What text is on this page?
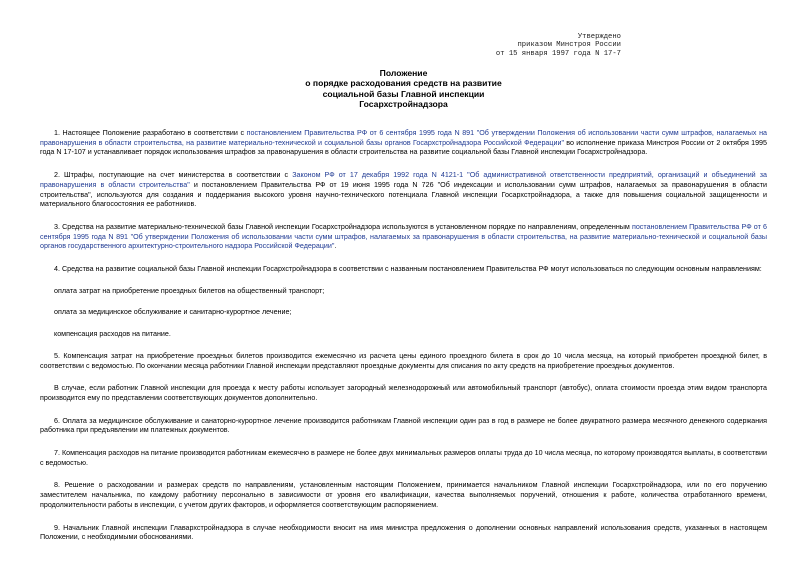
Утверждено
приказом Минстроя России
от 15 января 1997 года N 17-7
Положение
о порядке расходования средств на развитие
социальной базы Главной инспекции
Госархстройнадзора

1. Настоящее Положение разработано в соответствии с постановлением Правительства РФ от 6 сентября 1995 года N 891 "Об утверждении Положения об использовании части сумм штрафов, налагаемых на правонарушения в области строительства, на развитие материально-технической и социальной базы органов Госархстройнадзора Российской Федерации" во исполнение приказа Минстроя России от 2 октября 1995 года N 17-107 и устанавливает порядок использования штрафов за правонарушения в области строительства на развитие социальной базы Главной инспекции Госархстройнадзора.

2. Штрафы, поступающие на счет министерства в соответствии с Законом РФ от 17 декабря 1992 года N 4121-1 "Об административной ответственности предприятий, организаций и объединений за правонарушения в области строительства" и постановлением Правительства РФ от 19 июня 1995 года N 726 "Об индексации и использовании сумм штрафов, налагаемых за правонарушения в области строительства", используются для создания и поддержания высокого уровня научно-технического потенциала Главной инспекции Госархстройнадзора, а также для повышения социальной защищенности и материального благосостояния ее работников.

3. Средства на развитие материально-технической базы Главной инспекции Госархстройнадзора используются в установленном порядке по направлениям, определенным постановлением Правительства РФ от 6 сентября 1995 года N 891 "Об утверждении Положения об использовании части сумм штрафов, налагаемых за правонарушения в области строительства, на развитие материально-технической и социальной базы органов государственного архитектурно-строительного надзора Российской Федерации".

4. Средства на развитие социальной базы Главной инспекции Госархстройнадзора в соответствии с названным постановлением Правительства РФ могут использоваться по следующим основным направлениям:

оплата затрат на приобретение проездных билетов на общественный транспорт;

оплата за медицинское обслуживание и санитарно-курортное лечение;

компенсация расходов на питание.

5. Компенсация затрат на приобретение проездных билетов производится ежемесячно из расчета цены единого проездного билета в срок до 10 числа месяца, на который приобретен проездной билет, в соответствии с ведомостью. По окончании месяца работники Главной инспекции представляют проездные документы для списания по акту средств на приобретение проездных документов.

В случае, если работник Главной инспекции для проезда к месту работы использует загородный железнодорожный или автомобильный транспорт (автобус), оплата стоимости проезда этим видом транспорта производится ему по представлении соответствующих документов дополнительно.

6. Оплата за медицинское обслуживание и санаторно-курортное лечение производится работникам Главной инспекции один раз в год в размере не более двукратного размера месячного денежного содержания работника при предъявлении им платежных документов.

7. Компенсация расходов на питание производится работникам ежемесячно в размере не более двух минимальных размеров оплаты труда до 10 числа месяца, по которому производятся выплаты, в соответствии с ведомостью.

8. Решение о расходовании и размерах средств по направлениям, установленным настоящим Положением, принимается начальником Главной инспекции Госархстройнадзора, или по его поручению заместителем начальника, по каждому работнику персонально в зависимости от уровня его квалификации, качества выполняемых поручений, отношения к работе, количества отработанного времени, продолжительности работы в инспекции, с учетом других факторов, и оформляется соответствующим распоряжением.

9. Начальник Главной инспекции Главархстройнадзора в случае необходимости вносит на имя министра предложения о дополнении основных направлений использования средств, указанных в настоящем Положении, с необходимыми обоснованиями.
